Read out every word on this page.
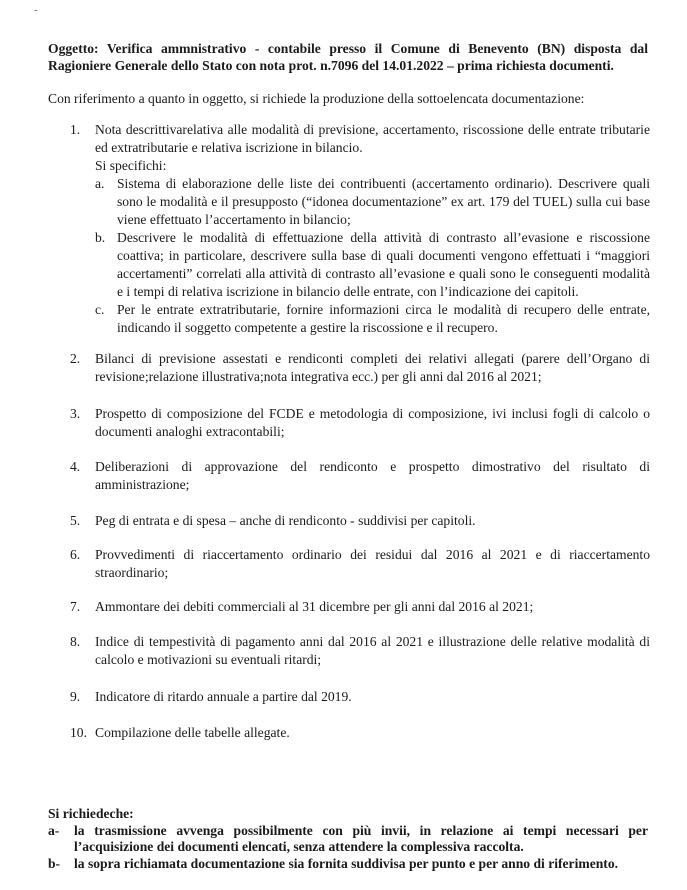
-
Oggetto: Verifica ammnistrativo - contabile presso il Comune di Benevento (BN) disposta dal Ragioniere Generale dello Stato con nota prot. n.7096 del 14.01.2022 – prima richiesta documenti.
Con riferimento a quanto in oggetto, si richiede la produzione della sottoelencata documentazione:
1. Nota descrittivarelativa alle modalità di previsione, accertamento, riscossione delle entrate tributarie ed extratributarie e relativa iscrizione in bilancio.
Si specifichi:
a. Sistema di elaborazione delle liste dei contribuenti (accertamento ordinario). Descrivere quali sono le modalità e il presupposto (“idonea documentazione” ex art. 179 del TUEL) sulla cui base viene effettuato l’accertamento in bilancio;
b. Descrivere le modalità di effettuazione della attività di contrasto all’evasione e riscossione coattiva; in particolare, descrivere sulla base di quali documenti vengono effettuati i “maggiori accertamenti” correlati alla attività di contrasto all’evasione e quali sono le conseguenti modalità e i tempi di relativa iscrizione in bilancio delle entrate, con l’indicazione dei capitoli.
c. Per le entrate extratributarie, fornire informazioni circa le modalità di recupero delle entrate, indicando il soggetto competente a gestire la riscossione e il recupero.
2. Bilanci di previsione assestati e rendiconti completi dei relativi allegati (parere dell’Organo di revisione;relazione illustrativa;nota integrativa ecc.) per gli anni dal 2016 al 2021;
3. Prospetto di composizione del FCDE e metodologia di composizione, ivi inclusi fogli di calcolo o documenti analoghi extracontabili;
4. Deliberazioni di approvazione del rendiconto e prospetto dimostrativo del risultato di amministrazione;
5. Peg di entrata e di spesa – anche di rendiconto - suddivisi per capitoli.
6. Provvedimenti di riaccertamento ordinario dei residui dal 2016 al 2021 e di riaccertamento straordinario;
7. Ammontare dei debiti commerciali al 31 dicembre per gli anni dal 2016 al 2021;
8. Indice di tempestività di pagamento anni dal 2016 al 2021 e illustrazione delle relative modalità di calcolo e motivazioni su eventuali ritardi;
9. Indicatore di ritardo annuale a partire dal 2019.
10. Compilazione delle tabelle allegate.
Si richiedeche:
a- la trasmissione avvenga possibilmente con più invii, in relazione ai tempi necessari per l’acquisizione dei documenti elencati, senza attendere la complessiva raccolta.
b- la sopra richiamata documentazione sia fornita suddivisa per punto e per anno di riferimento.
